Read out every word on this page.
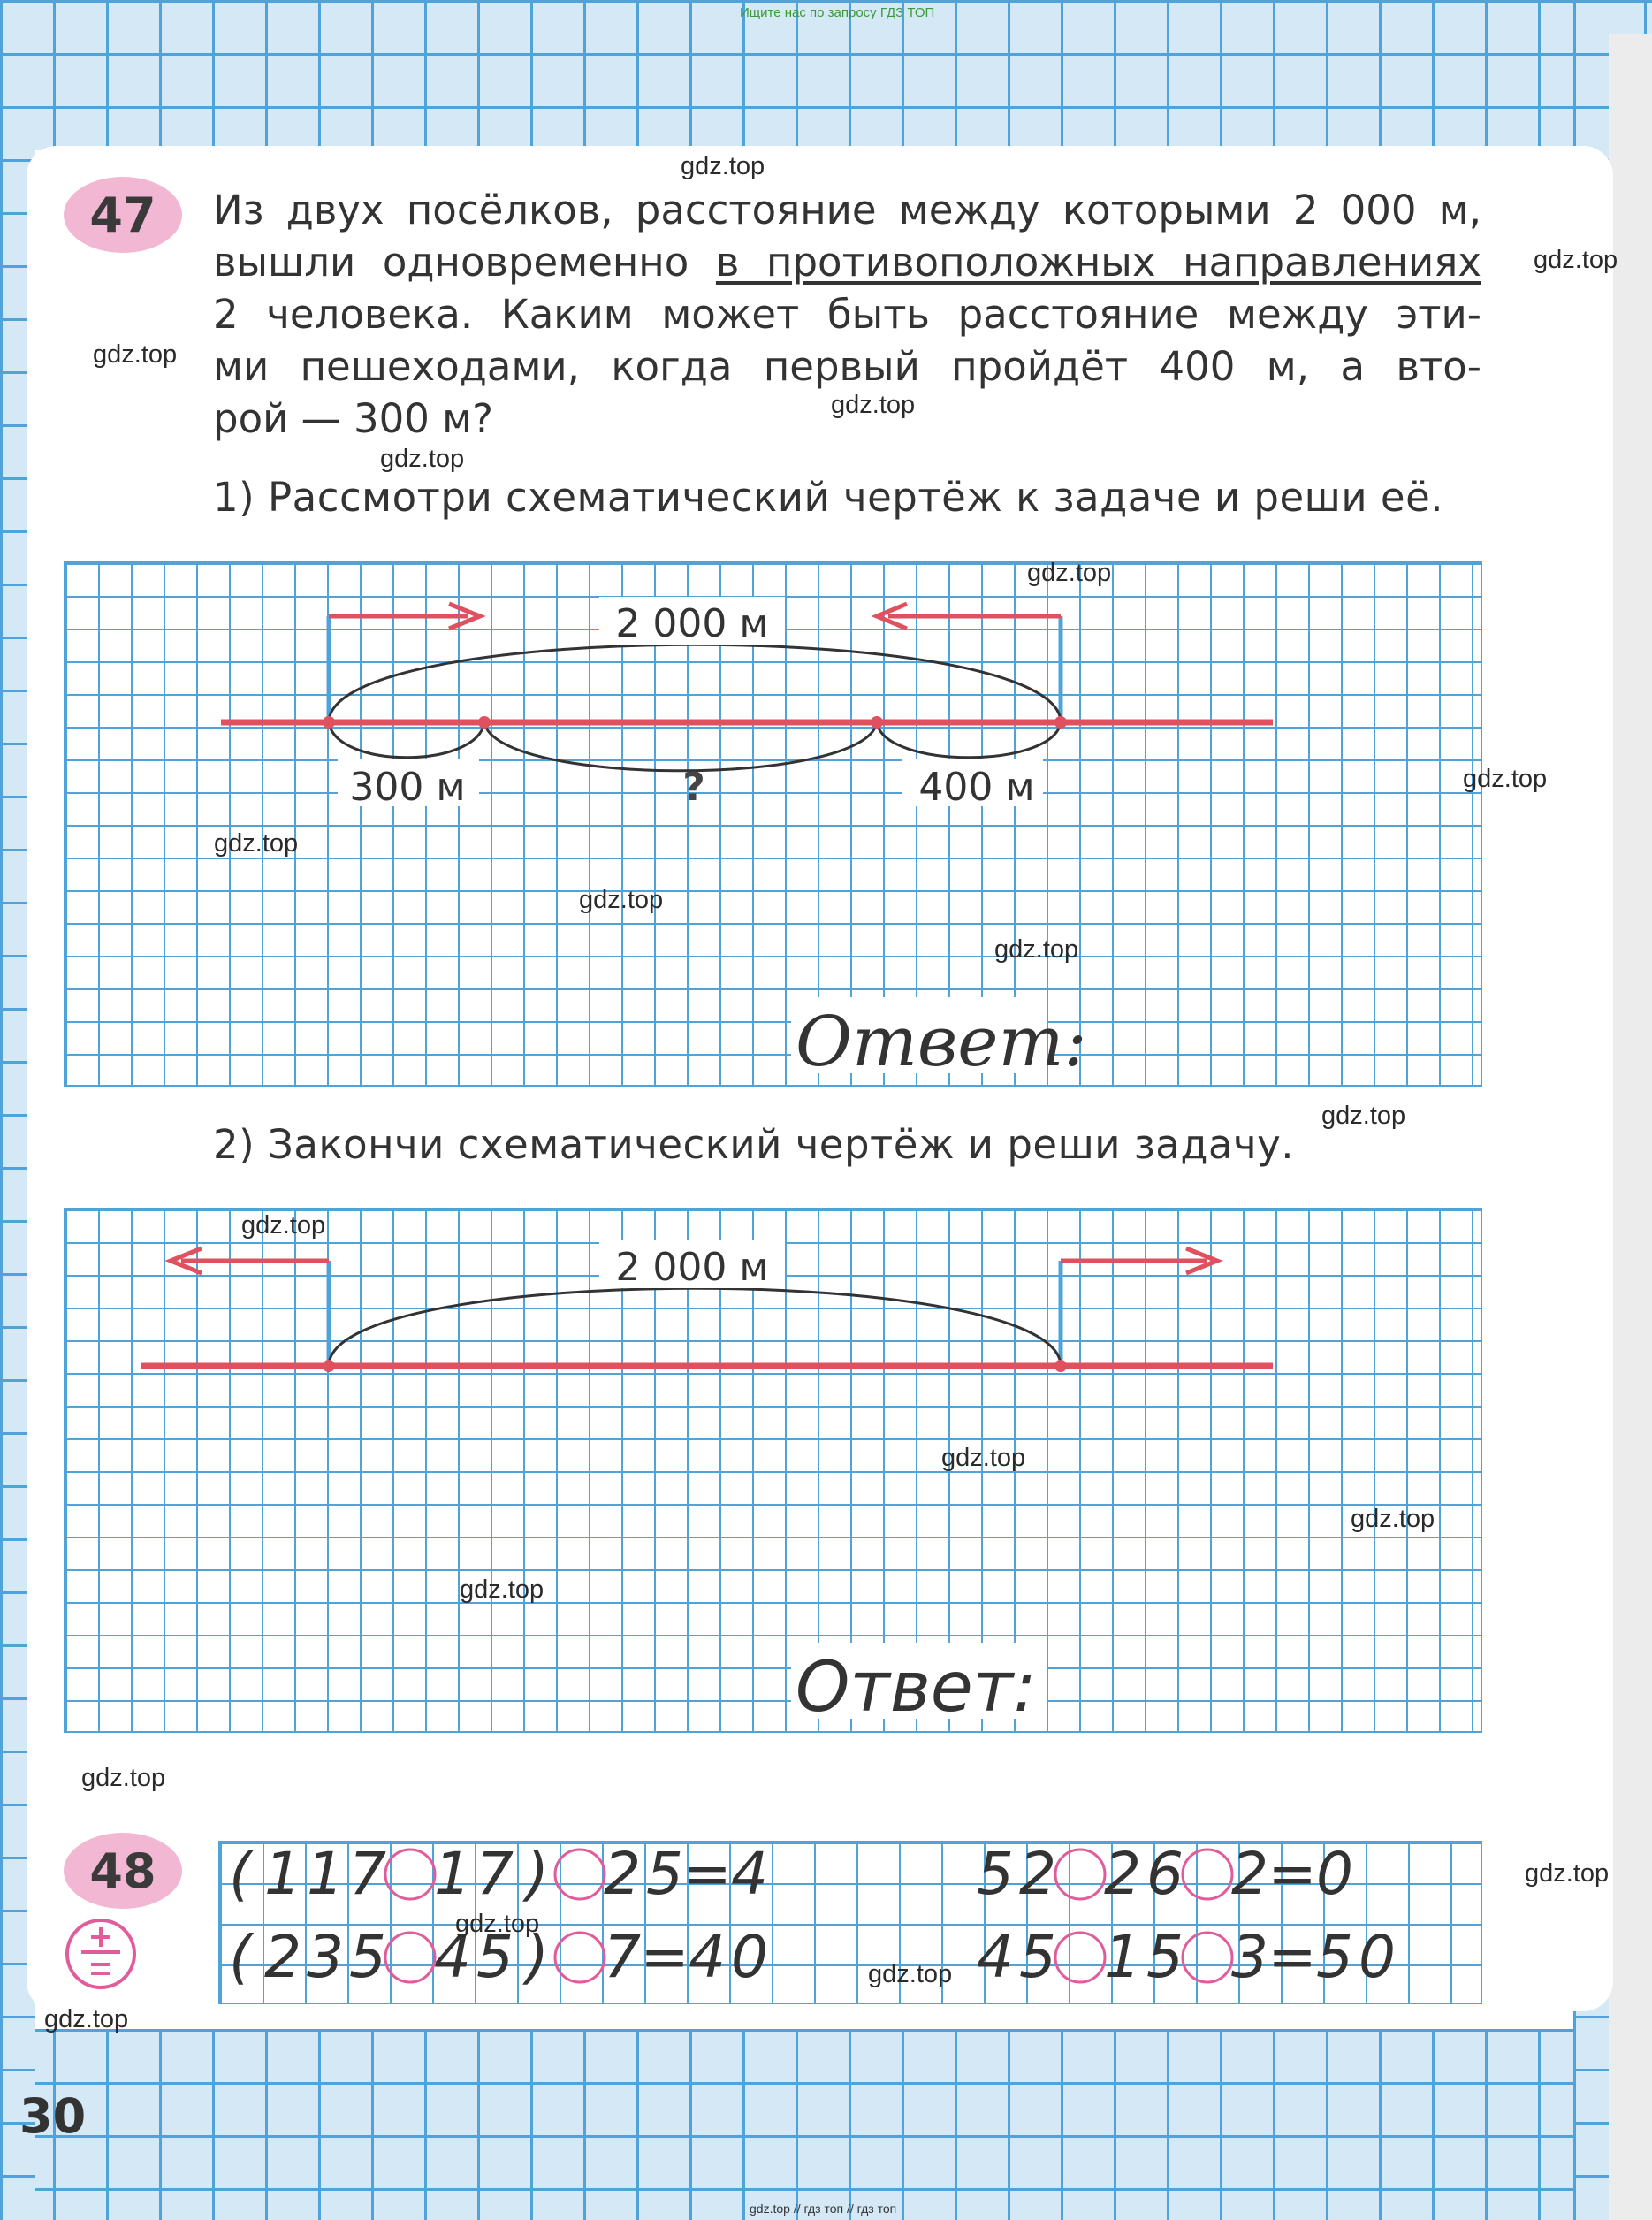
Ищите нас по запросу ГДЗ ТОП
gdz.top // гдз топ // гдз топ
47 Из двух посёлков, расстояние между которыми 2 000 м,
вышли одновременно в противоположных направлениях
2 человека. Каким может быть расстояние между эти-
ми пешеходами, когда первый пройдёт 400 м, а вто-
рой — 300 м?
1) Рассмотри схематический чертёж к задаче и реши её.
2 000 м
300 м	?	400 м
Ответ:
2) Закончи схематический чертёж и реши задачу.
2 000 м
Ответ:
48 ( 1 1 7 1 7 ) 2 5 = 4	5 2 2 6 2 = 0
( 2 3 5 4 5 ) 7 = 4 0	4 5 1 5 3 = 5 0
gdz.top
gdz.top
gdz.top
gdz.top
gdz.top
gdz.top
gdz.top
gdz.top
gdz.top
gdz.top
gdz.top
gdz.top
gdz.top
gdz.top
gdz.top
gdz.top
gdz.top
gdz.top
gdz.top
gdz.top
30
